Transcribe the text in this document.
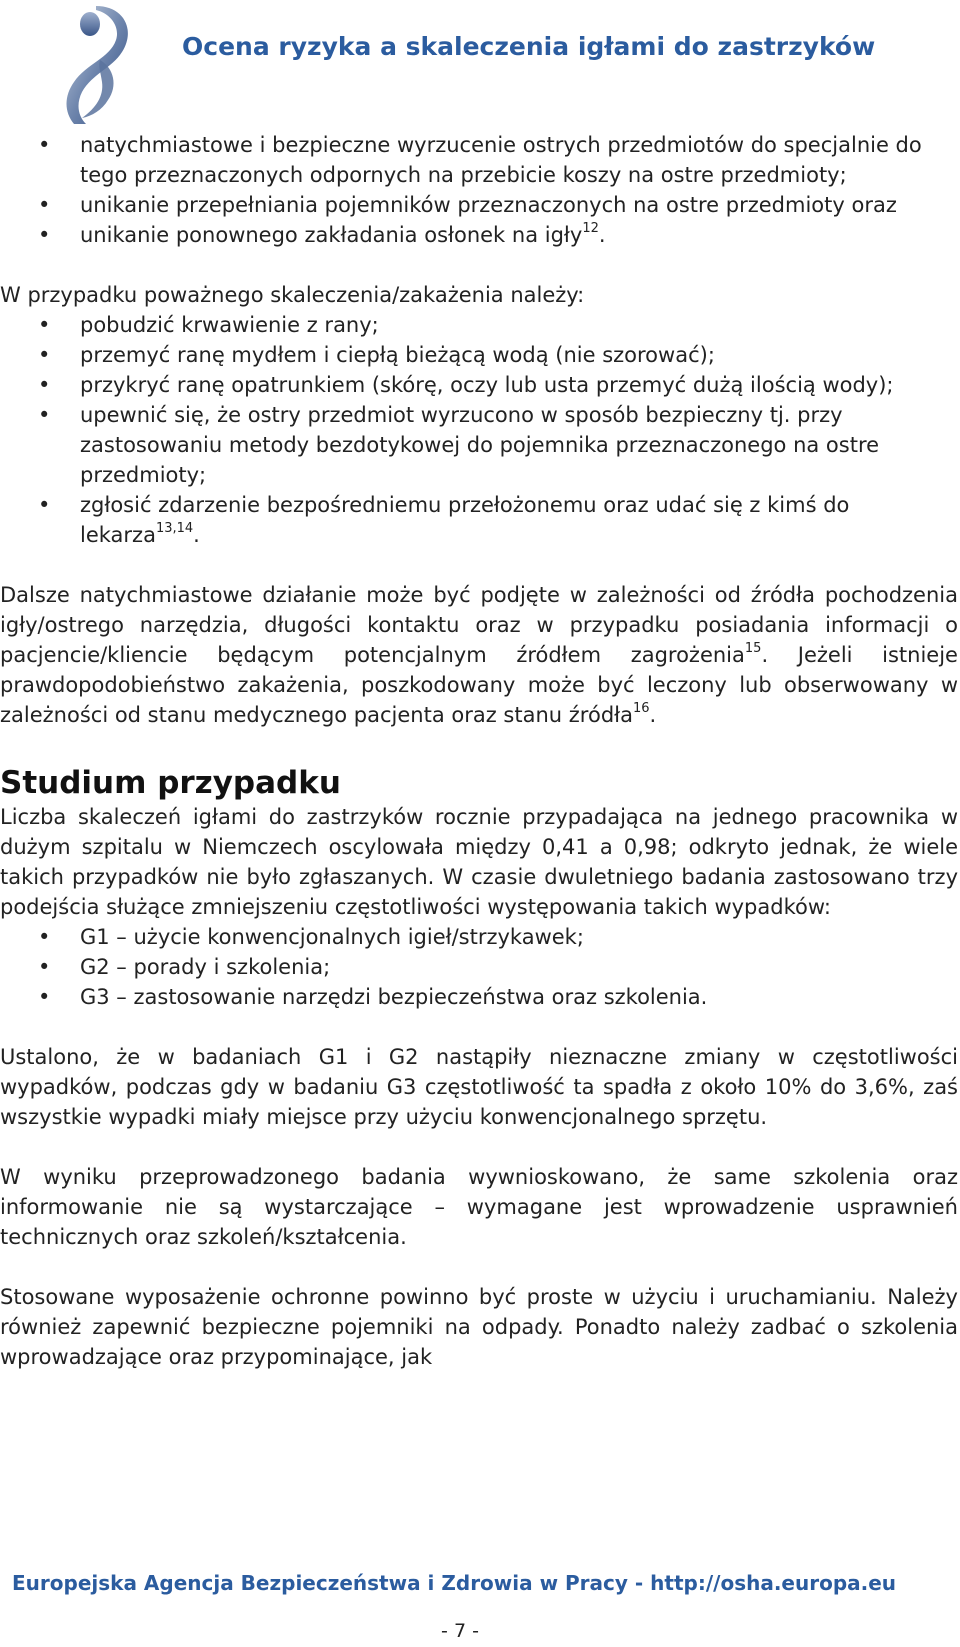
Ocena ryzyka a skaleczenia igłami do zastrzyków
• natychmiastowe i bezpieczne wyrzucenie ostrych przedmiotów do specjalnie do tego przeznaczonych odpornych na przebicie koszy na ostre przedmioty;
• unikanie przepełniania pojemników przeznaczonych na ostre przedmioty oraz
• unikanie ponownego zakładania osłonek na igły$^{12}$.

W przypadku poważnego skaleczenia/zakażenia należy:

• pobudzić krwawienie z rany;
• przemyć ranę mydłem i ciepłą bieżącą wodą (nie szorować);
• przykryć ranę opatrunkiem (skórę, oczy lub usta przemyć dużą ilością wody);
• upewnić się, że ostry przedmiot wyrzucono w sposób bezpieczny tj. przy zastosowaniu metody bezdotykowej do pojemnika przeznaczonego na ostre przedmioty;
• zgłosić zdarzenie bezpośredniemu przełożonemu oraz udać się z kimś do lekarza$^{13,14}$.

Dalsze natychmiastowe działanie może być podjęte w zależności od źródła pochodzenia igły/ostrego narzędzia, długości kontaktu oraz w przypadku posiadania informacji o pacjencie/kliencie będącym potencjalnym źródłem zagrożenia$^{15}$. Jeżeli istnieje prawdopodobieństwo zakażenia, poszkodowany może być leczony lub obserwowany w zależności od stanu medycznego pacjenta oraz stanu źródła$^{16}$.

Studium przypadku

Liczba skaleczeń igłami do zastrzyków rocznie przypadająca na jednego pracownika w dużym szpitalu w Niemczech oscylowała między 0,41 a 0,98; odkryto jednak, że wiele takich przypadków nie było zgłaszanych. W czasie dwuletniego badania zastosowano trzy podejścia służące zmniejszeniu częstotliwości występowania takich wypadków:

• G1 – użycie konwencjonalnych igieł/strzykawek;
• G2 – porady i szkolenia;
• G3 – zastosowanie narzędzi bezpieczeństwa oraz szkolenia.

Ustalono, że w badaniach G1 i G2 nastąpiły nieznaczne zmiany w częstotliwości wypadków, podczas gdy w badaniu G3 częstotliwość ta spadła z około 10% do 3,6%, zaś wszystkie wypadki miały miejsce przy użyciu konwencjonalnego sprzętu.

W wyniku przeprowadzonego badania wywnioskowano, że same szkolenia oraz informowanie nie są wystarczające – wymagane jest wprowadzenie usprawnień technicznych oraz szkoleń/kształcenia.

Stosowane wyposażenie ochronne powinno być proste w użyciu i uruchamianiu. Należy również zapewnić bezpieczne pojemniki na odpady. Ponadto należy zadbać o szkolenia wprowadzające oraz przypominające, jak

Europejska Agencja Bezpieczeństwa i Zdrowia w Pracy - http://osha.europa.eu
- 7 -
